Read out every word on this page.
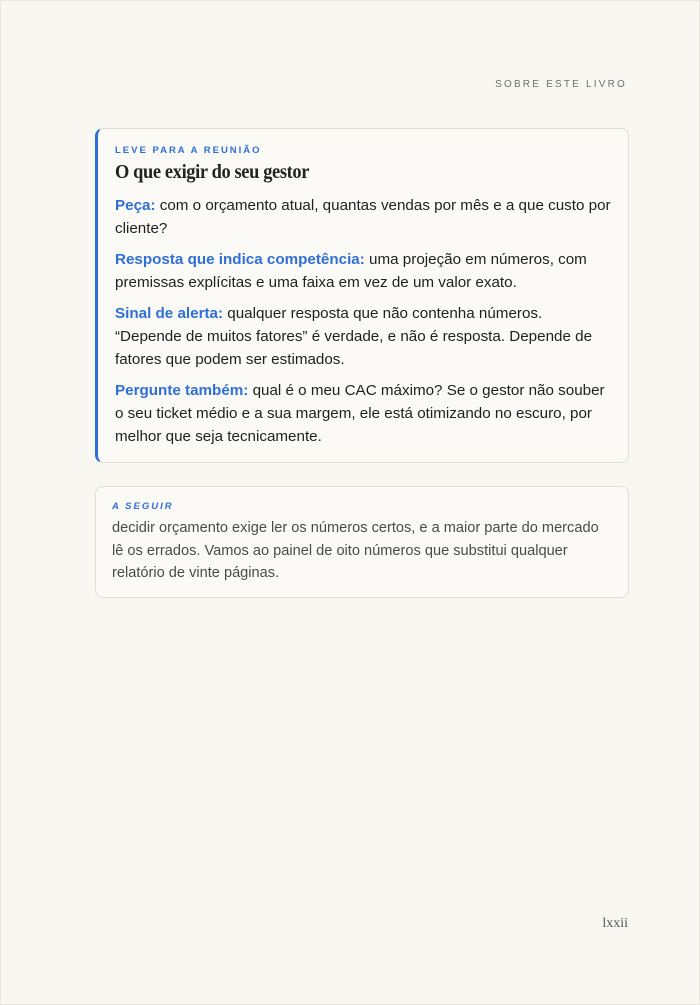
SOBRE ESTE LIVRO
LEVE PARA A REUNIÃO
O que exigir do seu gestor

Peça: com o orçamento atual, quantas vendas por mês e a que custo por cliente?

Resposta que indica competência: uma projeção em números, com premissas explícitas e uma faixa em vez de um valor exato.

Sinal de alerta: qualquer resposta que não contenha números. “Depende de muitos fatores” é verdade, e não é resposta. Depende de fatores que podem ser estimados.

Pergunte também: qual é o meu CAC máximo? Se o gestor não souber o seu ticket médio e a sua margem, ele está otimizando no escuro, por melhor que seja tecnicamente.

A SEGUIR

decidir orçamento exige ler os números certos, e a maior parte do mercado lê os errados. Vamos ao painel de oito números que substitui qualquer relatório de vinte páginas.

lxxii
